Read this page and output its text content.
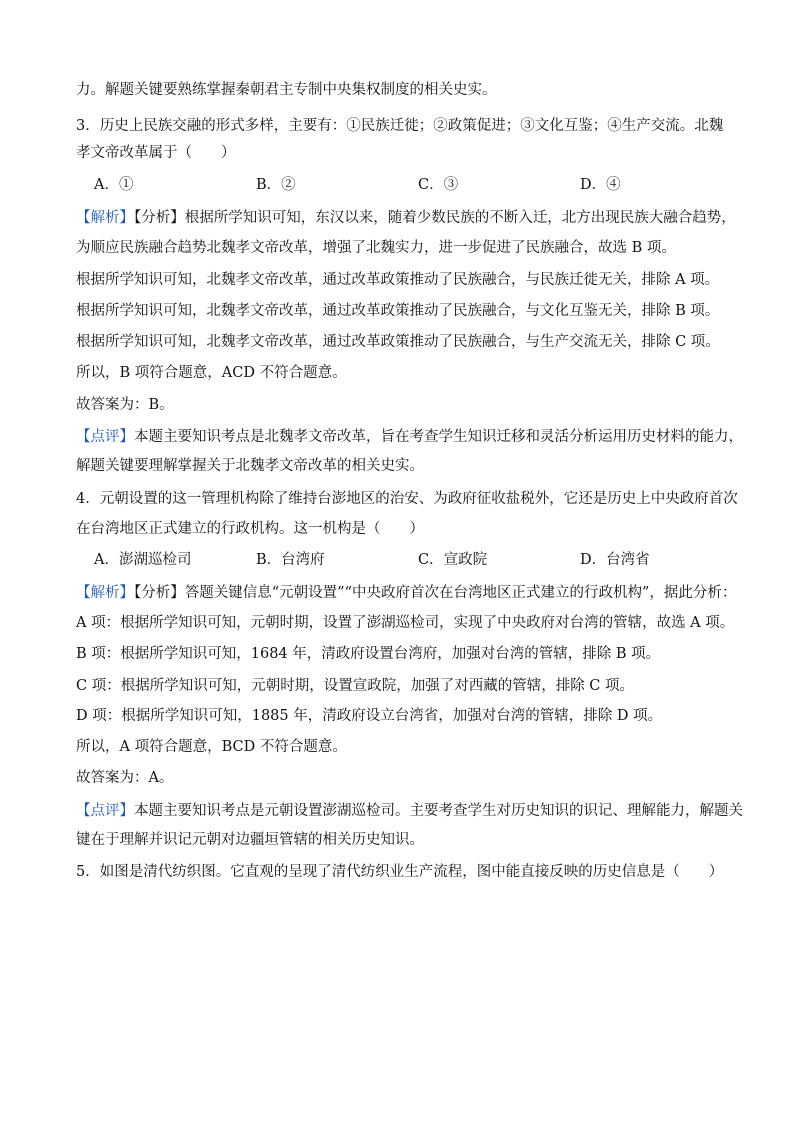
力。解题关键要熟练掌握秦朝君主专制中央集权制度的相关史实。
3．历史上民族交融的形式多样，主要有：①民族迁徙；②政策促进；③文化互鉴；④生产交流。北魏
孝文帝改革属于（　　）
A．①	B．②	C．③	D．④
【解析】【分析】根据所学知识可知，东汉以来，随着少数民族的不断入迁，北方出现民族大融合趋势，
为顺应民族融合趋势北魏孝文帝改革，增强了北魏实力，进一步促进了民族融合，故选 B 项。
根据所学知识可知，北魏孝文帝改革，通过改革政策推动了民族融合，与民族迁徙无关，排除 A 项。
根据所学知识可知，北魏孝文帝改革，通过改革政策推动了民族融合，与文化互鉴无关，排除 B 项。
根据所学知识可知，北魏孝文帝改革，通过改革政策推动了民族融合，与生产交流无关，排除 C 项。
所以，B 项符合题意，ACD 不符合题意。
故答案为：B。
【点评】本题主要知识考点是北魏孝文帝改革，旨在考查学生知识迁移和灵活分析运用历史材料的能力，
解题关键要理解掌握关于北魏孝文帝改革的相关史实。
4．元朝设置的这一管理机构除了维持台澎地区的治安、为政府征收盐税外，它还是历史上中央政府首次
在台湾地区正式建立的行政机构。这一机构是（　　）
A．澎湖巡检司	B．台湾府	C．宣政院	D．台湾省
【解析】【分析】答题关键信息“元朝设置”“中央政府首次在台湾地区正式建立的行政机构”，据此分析：
A 项：根据所学知识可知，元朝时期，设置了澎湖巡检司，实现了中央政府对台湾的管辖，故选 A 项。
B 项：根据所学知识可知，1684 年，清政府设置台湾府，加强对台湾的管辖，排除 B 项。
C 项：根据所学知识可知，元朝时期，设置宣政院，加强了对西藏的管辖，排除 C 项。
D 项：根据所学知识可知，1885 年，清政府设立台湾省，加强对台湾的管辖，排除 D 项。
所以，A 项符合题意，BCD 不符合题意。
故答案为：A。
【点评】本题主要知识考点是元朝设置澎湖巡检司。主要考查学生对历史知识的识记、理解能力，解题关
键在于理解并识记元朝对边疆垣管辖的相关历史知识。
5．如图是清代纺织图。它直观的呈现了清代纺织业生产流程，图中能直接反映的历史信息是（　　）
